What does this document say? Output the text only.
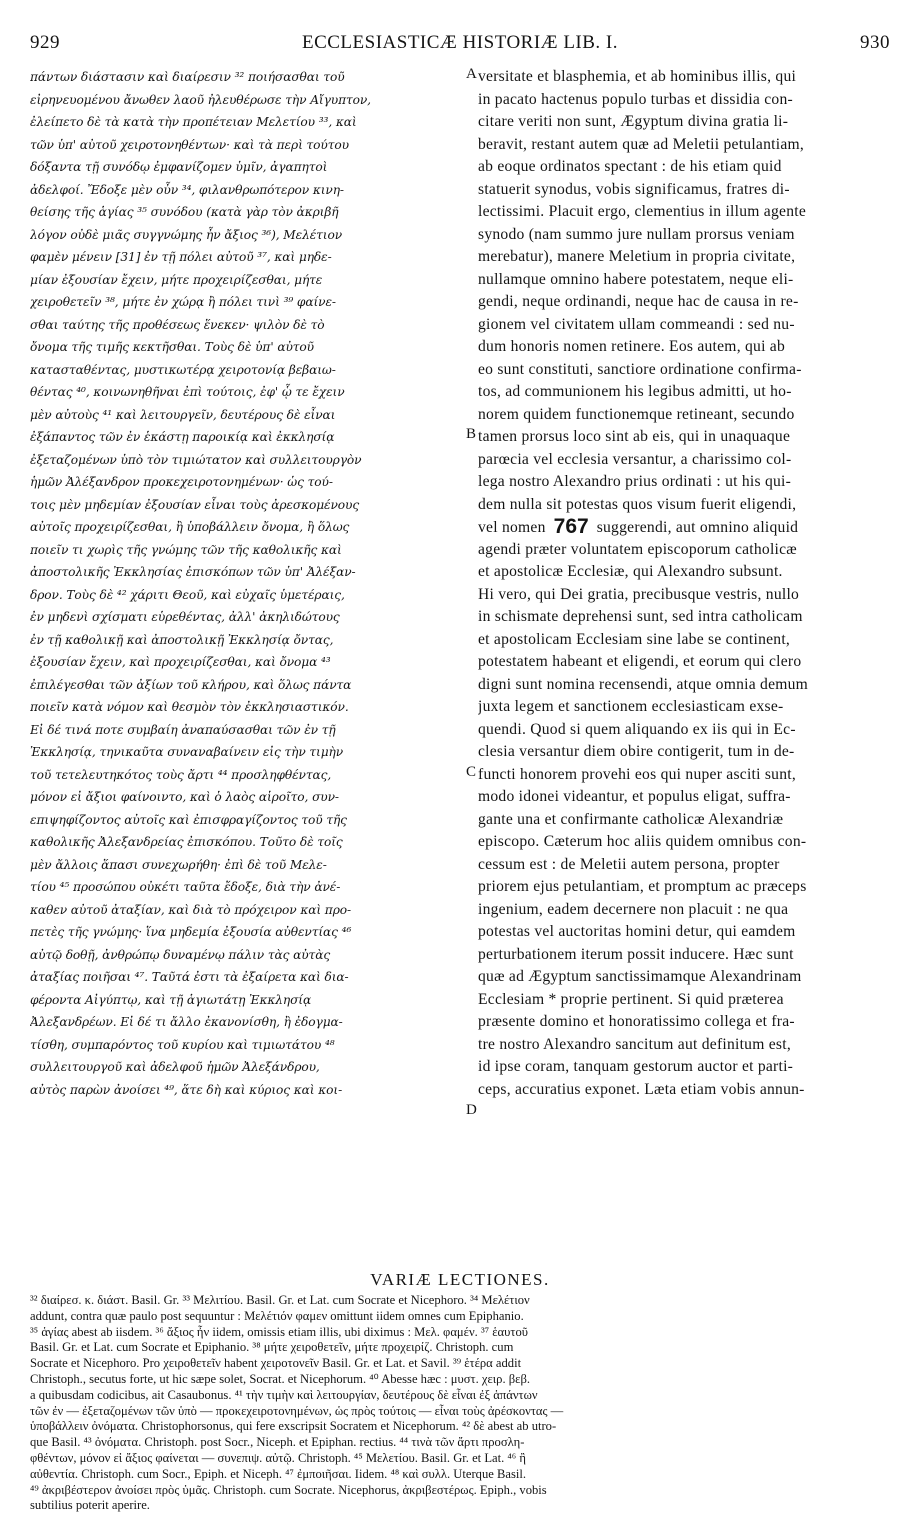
929	ECCLESIASTICÆ HISTORIÆ LIB. I.	930
πάντων διάστασιν καὶ διαίρεσιν ³² ποιήσασθαι τοῦ
εἰρηνευομένου ἄνωθεν λαοῦ ἠλευθέρωσε τὴν Αἴγυπτον,
ἐλείπετο δὲ τὰ κατὰ τὴν προπέτειαν Μελετίου ³³, καὶ
τῶν ὑπ' αὐτοῦ χειροτονηθέντων· καὶ τὰ περὶ τούτου
δόξαντα τῇ συνόδῳ ἐμφανίζομεν ὑμῖν, ἀγαπητοὶ
ἀδελφοί. Ἔδοξε μὲν οὖν ³⁴, φιλανθρωπότερον κινη-
θείσης τῆς ἁγίας ³⁵ συνόδου (κατὰ γὰρ τὸν ἀκριβῆ
λόγον οὐδὲ μιᾶς συγγνώμης ἦν ἄξιος ³⁶), Μελέτιον
φαμὲν μένειν [31] ἐν τῇ πόλει αὐτοῦ ³⁷, καὶ μηδε-
μίαν ἐξουσίαν ἔχειν, μήτε προχειρίζεσθαι, μήτε
χειροθετεῖν ³⁸, μήτε ἐν χώρᾳ ἢ πόλει τινὶ ³⁹ φαίνε-
σθαι ταύτης τῆς προθέσεως ἕνεκεν· ψιλὸν δὲ τὸ
ὄνομα τῆς τιμῆς κεκτῆσθαι. Τοὺς δὲ ὑπ' αὐτοῦ
κατασταθέντας, μυστικωτέρᾳ χειροτονίᾳ βεβαιω-
θέντας ⁴⁰, κοινωνηθῆναι ἐπὶ τούτοις, ἐφ' ᾧ τε ἔχειν
μὲν αὐτοὺς ⁴¹ καὶ λειτουργεῖν, δευτέρους δὲ εἶναι
ἐξάπαντος τῶν ἐν ἑκάστῃ παροικίᾳ καὶ ἐκκλησίᾳ
ἐξεταζομένων ὑπὸ τὸν τιμιώτατον καὶ συλλειτουργὸν
ἡμῶν Ἀλέξανδρον προκεχειροτονημένων· ὡς τού-
τοις μὲν μηδεμίαν ἐξουσίαν εἶναι τοὺς ἀρεσκομένους
αὐτοῖς προχειρίζεσθαι, ἢ ὑποβάλλειν ὄνομα, ἢ ὅλως
ποιεῖν τι χωρὶς τῆς γνώμης τῶν τῆς καθολικῆς καὶ
ἀποστολικῆς Ἐκκλησίας ἐπισκόπων τῶν ὑπ' Ἀλέξαν-
δρον. Τοὺς δὲ ⁴² χάριτι Θεοῦ, καὶ εὐχαῖς ὑμετέραις,
ἐν μηδενὶ σχίσματι εὑρεθέντας, ἀλλ' ἀκηλιδώτους
ἐν τῇ καθολικῇ καὶ ἀποστολικῇ Ἐκκλησίᾳ ὄντας,
ἐξουσίαν ἔχειν, καὶ προχειρίζεσθαι, καὶ ὄνομα ⁴³
ἐπιλέγεσθαι τῶν ἀξίων τοῦ κλήρου, καὶ ὅλως πάντα
ποιεῖν κατὰ νόμον καὶ θεσμὸν τὸν ἐκκλησιαστικόν.
Εἰ δέ τινά ποτε συμβαίη ἀναπαύσασθαι τῶν ἐν τῇ
Ἐκκλησίᾳ, τηνικαῦτα συναναβαίνειν εἰς τὴν τιμὴν
τοῦ τετελευτηκότος τοὺς ἄρτι ⁴⁴ προσληφθέντας,
μόνον εἰ ἄξιοι φαίνοιντο, καὶ ὁ λαὸς αἱροῖτο, συν-
επιψηφίζοντος αὐτοῖς καὶ ἐπισφραγίζοντος τοῦ τῆς
καθολικῆς Ἀλεξανδρείας ἐπισκόπου. Τοῦτο δὲ τοῖς
μὲν ἄλλοις ἅπασι συνεχωρήθη· ἐπὶ δὲ τοῦ Μελε-
τίου ⁴⁵ προσώπου οὐκέτι ταῦτα ἔδοξε, διὰ τὴν ἀνέ-
καθεν αὐτοῦ ἀταξίαν, καὶ διὰ τὸ πρόχειρον καὶ προ-
πετὲς τῆς γνώμης· ἵνα μηδεμία ἐξουσία αὐθεντίας ⁴⁶
αὐτῷ δοθῇ, ἀνθρώπῳ δυναμένῳ πάλιν τὰς αὐτὰς
ἀταξίας ποιῆσαι ⁴⁷. Ταῦτά ἐστι τὰ ἐξαίρετα καὶ δια-
φέροντα Αἰγύπτῳ, καὶ τῇ ἁγιωτάτῃ Ἐκκλησίᾳ
Ἀλεξανδρέων. Εἰ δέ τι ἄλλο ἐκανονίσθη, ἢ ἐδογμα-
τίσθη, συμπαρόντος τοῦ κυρίου καὶ τιμιωτάτου ⁴⁸
συλλειτουργοῦ καὶ ἀδελφοῦ ἡμῶν Ἀλεξάνδρου,
αὐτὸς παρὼν ἀνοίσει ⁴⁹, ἅτε δὴ καὶ κύριος καὶ κοι-
versitate et blasphemia, et ab hominibus illis, qui
in pacato hactenus populo turbas et dissidia con-
citare veriti non sunt, Ægyptum divina gratia li-
beravit, restant autem quæ ad Meletii petulantiam,
ab eoque ordinatos spectant : de his etiam quid
statuerit synodus, vobis significamus, fratres di-
lectissimi. Placuit ergo, clementius in illum agente
synodo (nam summo jure nullam prorsus veniam
merebatur), manere Meletium in propria civitate,
nullamque omnino habere potestatem, neque eli-
gendi, neque ordinandi, neque hac de causa in re-
gionem vel civitatem ullam commeandi : sed nu-
dum honoris nomen retinere. Eos autem, qui ab
eo sunt constituti, sanctiore ordinatione confirma-
tos, ad communionem his legibus admitti, ut ho-
norem quidem functionemque retineant, secundo
tamen prorsus loco sint ab eis, qui in unaquaque
parœcia vel ecclesia versantur, a charissimo col-
lega nostro Alexandro prius ordinati : ut his qui-
dem nulla sit potestas quos visum fuerit eligendi,
vel nomen 767 suggerendi, aut omnino aliquid
agendi præter voluntatem episcoporum catholicæ
et apostolicæ Ecclesiæ, qui Alexandro subsunt.
Hi vero, qui Dei gratia, precibusque vestris, nullo
in schismate deprehensi sunt, sed intra catholicam
et apostolicam Ecclesiam sine labe se continent,
potestatem habeant et eligendi, et eorum qui clero
digni sunt nomina recensendi, atque omnia demum
juxta legem et sanctionem ecclesiasticam exse-
quendi. Quod si quem aliquando ex iis qui in Ec-
clesia versantur diem obire contigerit, tum in de-
functi honorem provehi eos qui nuper asciti sunt,
modo idonei videantur, et populus eligat, suffra-
gante una et confirmante catholicæ Alexandriæ
episcopo. Cæterum hoc aliis quidem omnibus con-
cessum est : de Meletii autem persona, propter
priorem ejus petulantiam, et promptum ac præceps
ingenium, eadem decernere non placuit : ne qua
potestas vel auctoritas homini detur, qui eamdem
perturbationem iterum possit inducere. Hæc sunt
quæ ad Ægyptum sanctissimamque Alexandrinam
Ecclesiam * proprie pertinent. Si quid præterea
præsente domino et honoratissimo collega et fra-
tre nostro Alexandro sancitum aut definitum est,
id ipse coram, tanquam gestorum auctor et parti-
ceps, accuratius exponet. Læta etiam vobis annun-
A
B
C
D
VARIÆ LECTIONES.
³² διαίρεσ. κ. διάστ. Basil. Gr. ³³ Μελιτίου. Basil. Gr. et Lat. cum Socrate et Nicephoro. ³⁴ Μελέτιον
addunt, contra quæ paulo post sequuntur : Μελέτιόν φαμεν omittunt iidem omnes cum Epiphanio.
³⁵ ἁγίας abest ab iisdem. ³⁶ ἄξιος ἦν iidem, omissis etiam illis, ubi diximus : Μελ. φαμέν. ³⁷ ἑαυτοῦ
Basil. Gr. et Lat. cum Socrate et Epiphanio. ³⁸ μήτε χειροθετεῖν, μήτε προχειρίζ. Christoph. cum
Socrate et Nicephoro. Pro χειροθετεῖν habent χειροτονεῖν Basil. Gr. et Lat. et Savil. ³⁹ ἑτέρα addit
Christoph., secutus forte, ut hic sæpe solet, Socrat. et Nicephorum. ⁴⁰ Abesse hæc : μυστ. χειρ. βεβ.
a quibusdam codicibus, ait Casaubonus. ⁴¹ τὴν τιμὴν καὶ λειτουργίαν, δευτέρους δὲ εἶναι ἐξ ἁπάντων
τῶν ἐν — ἐξεταζομένων τῶν ὑπὸ — προκεχειροτονημένων, ὡς πρὸς τούτοις — εἶναι τοὺς ἀρέσκοντας —
ὑποβάλλειν ὀνόματα. Christophorsonus, qui fere exscripsit Socratem et Nicephorum. ⁴² δὲ abest ab utro-
que Basil. ⁴³ ὀνόματα. Christoph. post Socr., Niceph. et Epiphan. rectius. ⁴⁴ τινὰ τῶν ἄρτι προσλη-
φθέντων, μόνον εἰ ἄξιος φαίνεται — συνεπιψ. αὐτῷ. Christoph. ⁴⁵ Μελετίου. Basil. Gr. et Lat. ⁴⁶ ἢ
αὐθεντία. Christoph. cum Socr., Epiph. et Niceph. ⁴⁷ ἐμποιῆσαι. Iidem. ⁴⁸ καὶ συλλ. Uterque Basil.
⁴⁹ ἀκριβέστερον ἀνοίσει πρὸς ὑμᾶς. Christoph. cum Socrate. Nicephorus, ἀκριβεστέρως. Epiph., vobis
subtilius poterit aperire.
